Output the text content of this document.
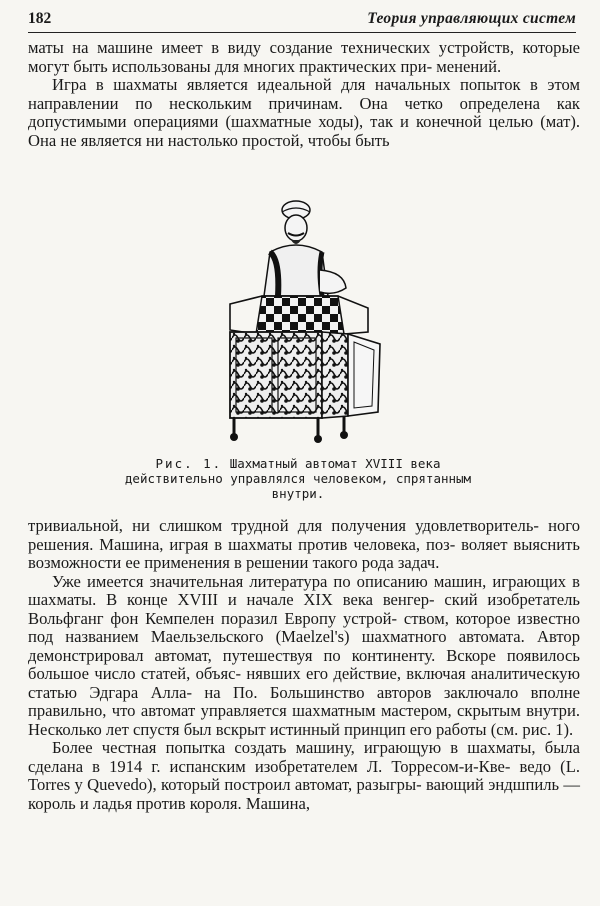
182	Теория управляющих систем

маты на машине имеет в виду создание технических устройств, которые могут быть использованы для многих практических при- менений.

Игра в шахматы является идеальной для начальных попыток в этом направлении по нескольким причинам. Она четко определена как допустимыми операциями (шахматные ходы), так и конечной целью (мат). Она не является ни настолько простой, чтобы быть

Рис. 1. Шахматный автомат XVIII века действительно управлялся человеком, спрятанным внутри.

тривиальной, ни слишком трудной для получения удовлетворитель- ного решения. Машина, играя в шахматы против человека, поз- воляет выяснить возможности ее применения в решении такого рода задач.

Уже имеется значительная литература по описанию машин, играющих в шахматы. В конце XVIII и начале XIX века венгер- ский изобретатель Вольфганг фон Кемпелен поразил Европу устрой- ством, которое известно под названием Маельзельского (Maelzel's) шахматного автомата. Автор демонстрировал автомат, путешествуя по континенту. Вскоре появилось большое число статей, объяс- нявших его действие, включая аналитическую статью Эдгара Алла- на По. Большинство авторов заключало вполне правильно, что автомат управляется шахматным мастером, скрытым внутри. Несколько лет спустя был вскрыт истинный принцип его работы (см. рис. 1).

Более честная попытка создать машину, играющую в шахматы, была сделана в 1914 г. испанским изобретателем Л. Торресом-и-Кве- ведо (L. Torres y Quevedo), который построил автомат, разыгры- вающий эндшпиль — король и ладья против короля. Машина,
